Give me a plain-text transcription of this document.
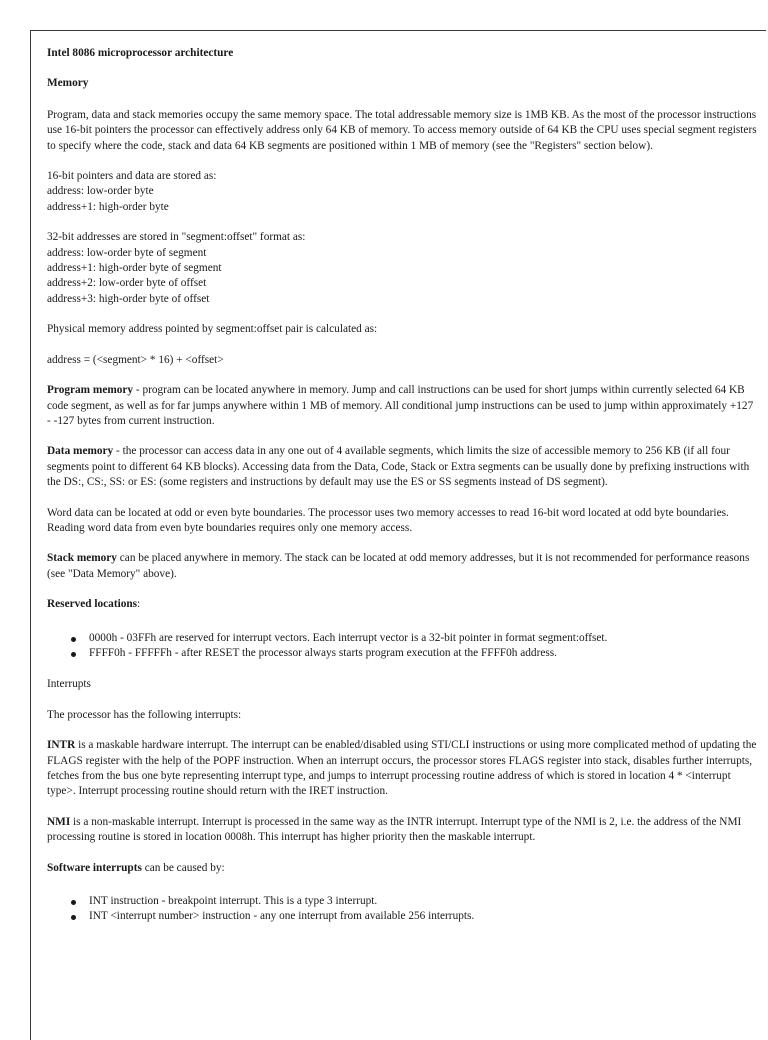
Intel 8086 microprocessor architecture

Memory

Program, data and stack memories occupy the same memory space. The total addressable memory size is 1MB KB. As the most of the processor instructions use 16-bit pointers the processor can effectively address only 64 KB of memory. To access memory outside of 64 KB the CPU uses special segment registers to specify where the code, stack and data 64 KB segments are positioned within 1 MB of memory (see the "Registers" section below).

16-bit pointers and data are stored as:
address: low-order byte
address+1: high-order byte

32-bit addresses are stored in "segment:offset" format as:
address: low-order byte of segment
address+1: high-order byte of segment
address+2: low-order byte of offset
address+3: high-order byte of offset

Physical memory address pointed by segment:offset pair is calculated as:

address = (<segment> * 16) + <offset>

Program memory - program can be located anywhere in memory. Jump and call instructions can be used for short jumps within currently selected 64 KB code segment, as well as for far jumps anywhere within 1 MB of memory. All conditional jump instructions can be used to jump within approximately +127 - -127 bytes from current instruction.

Data memory - the processor can access data in any one out of 4 available segments, which limits the size of accessible memory to 256 KB (if all four segments point to different 64 KB blocks). Accessing data from the Data, Code, Stack or Extra segments can be usually done by prefixing instructions with the DS:, CS:, SS: or ES: (some registers and instructions by default may use the ES or SS segments instead of DS segment).

Word data can be located at odd or even byte boundaries. The processor uses two memory accesses to read 16-bit word located at odd byte boundaries. Reading word data from even byte boundaries requires only one memory access.

Stack memory can be placed anywhere in memory. The stack can be located at odd memory addresses, but it is not recommended for performance reasons (see "Data Memory" above).

Reserved locations:

0000h - 03FFh are reserved for interrupt vectors. Each interrupt vector is a 32-bit pointer in format segment:offset.
FFFF0h - FFFFFh - after RESET the processor always starts program execution at the FFFF0h address.

Interrupts

The processor has the following interrupts:

INTR is a maskable hardware interrupt. The interrupt can be enabled/disabled using STI/CLI instructions or using more complicated method of updating the FLAGS register with the help of the POPF instruction. When an interrupt occurs, the processor stores FLAGS register into stack, disables further interrupts, fetches from the bus one byte representing interrupt type, and jumps to interrupt processing routine address of which is stored in location 4 * <interrupt type>. Interrupt processing routine should return with the IRET instruction.

NMI is a non-maskable interrupt. Interrupt is processed in the same way as the INTR interrupt. Interrupt type of the NMI is 2, i.e. the address of the NMI processing routine is stored in location 0008h. This interrupt has higher priority then the maskable interrupt.

Software interrupts can be caused by:

INT instruction - breakpoint interrupt. This is a type 3 interrupt.
INT <interrupt number> instruction - any one interrupt from available 256 interrupts.
